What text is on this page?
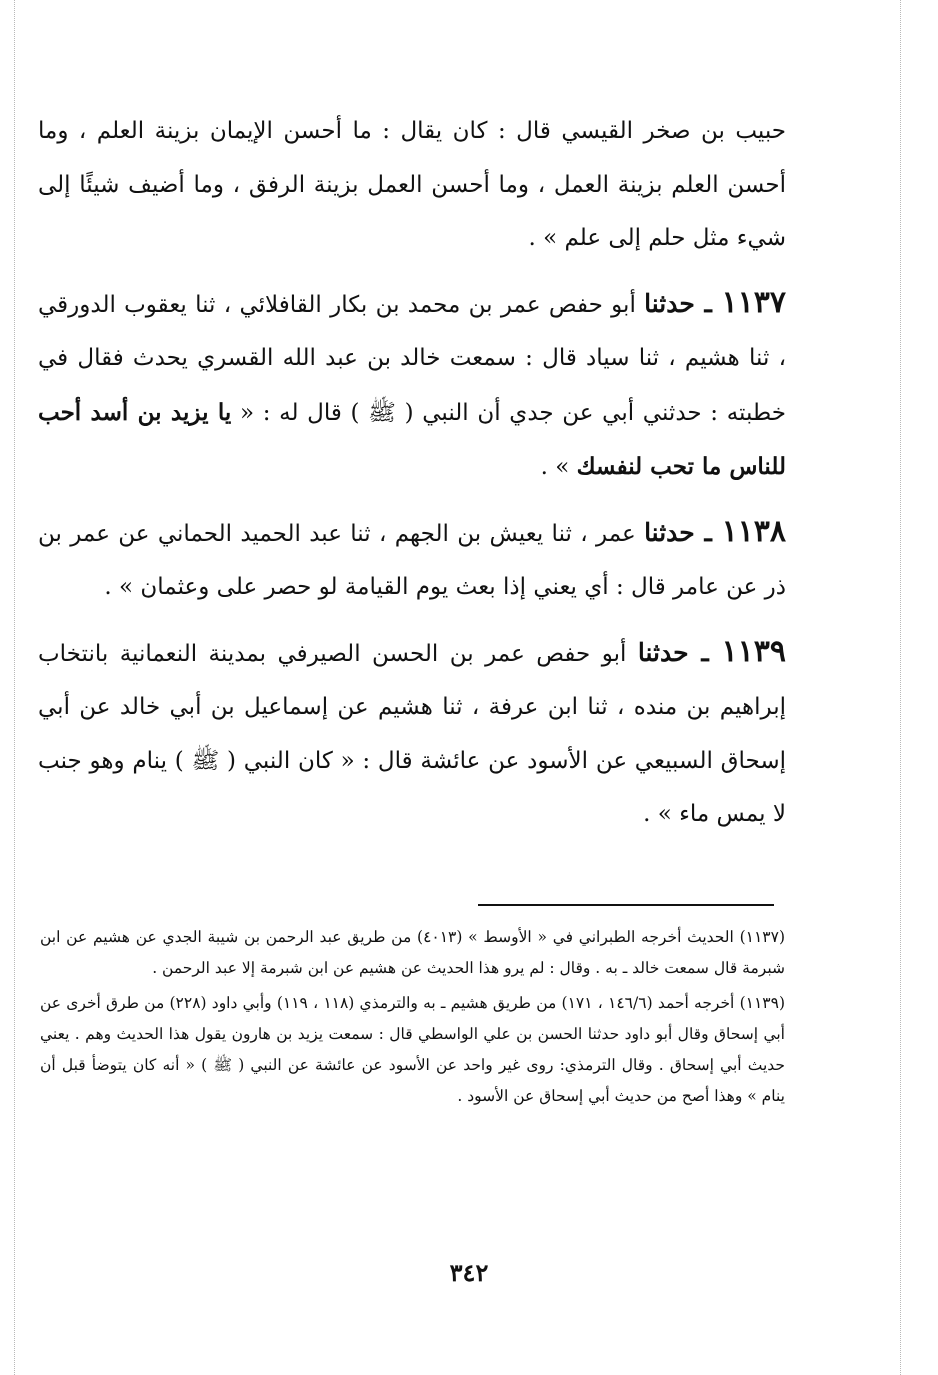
حبيب بن صخر القيسي قال : كان يقال : ما أحسن الإيمان بزينة العلم ، وما أحسن العلم بزينة العمل ، وما أحسن العمل بزينة الرفق ، وما أضيف شيئًا إلى شيء مثل حلم إلى علم » .

١١٣٧ ـ حدثنا أبو حفص عمر بن محمد بن بكار القافلائي ، ثنا يعقوب الدورقي ، ثنا هشيم ، ثنا سياد قال : سمعت خالد بن عبد الله القسري يحدث فقال في خطبته : حدثني أبي عن جدي أن النبي ( ﷺ ) قال له : « يا يزيد بن أسد أحب للناس ما تحب لنفسك » .

١١٣٨ ـ حدثنا عمر ، ثنا يعيش بن الجهم ، ثنا عبد الحميد الحماني عن عمر بن ذر عن عامر قال : أي يعني إذا بعث يوم القيامة لو حصر على وعثمان » .

١١٣٩ ـ حدثنا أبو حفص عمر بن الحسن الصيرفي بمدينة النعمانية بانتخاب إبراهيم بن منده ، ثنا ابن عرفة ، ثنا هشيم عن إسماعيل بن أبي خالد عن أبي إسحاق السبيعي عن الأسود عن عائشة قال : « كان النبي ( ﷺ ) ينام وهو جنب لا يمس ماء » .

(١١٣٧) الحديث أخرجه الطبراني في « الأوسط » (٤٠١٣) من طريق عبد الرحمن بن شيبة الجدي عن هشيم عن ابن شبرمة قال سمعت خالد ـ به . وقال : لم يرو هذا الحديث عن هشيم عن ابن شبرمة إلا عبد الرحمن .

(١١٣٩) أخرجه أحمد (١٤٦/٦ ، ١٧١) من طريق هشيم ـ به والترمذي (١١٨ ، ١١٩) وأبي داود (٢٢٨) من طرق أخرى عن أبي إسحاق وقال أبو داود حدثنا الحسن بن علي الواسطي قال : سمعت يزيد بن هارون يقول هذا الحديث وهم . يعني حديث أبي إسحاق . وقال الترمذي: روى غير واحد عن الأسود عن عائشة عن النبي ( ﷺ ) « أنه كان يتوضأ قبل أن ينام » وهذا أصح من حديث أبي إسحاق عن الأسود .

٣٤٢
